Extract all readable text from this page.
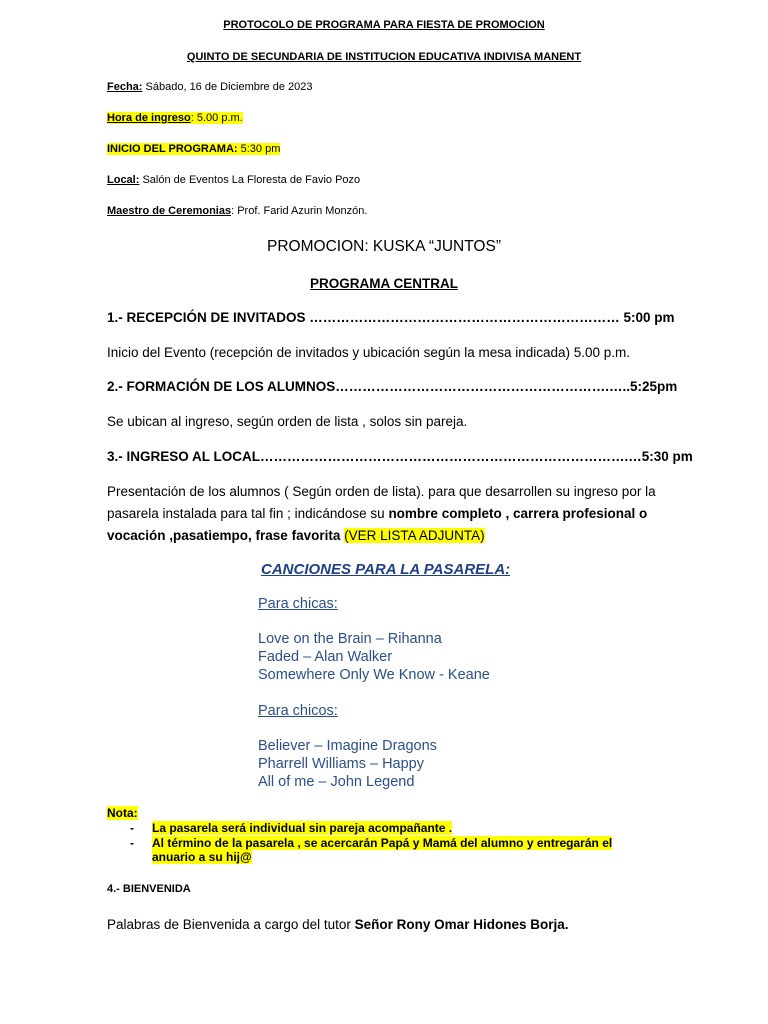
PROTOCOLO DE PROGRAMA PARA FIESTA DE PROMOCION
QUINTO DE SECUNDARIA DE INSTITUCION EDUCATIVA INDIVISA MANENT
Fecha: Sábado, 16 de Diciembre de 2023
Hora de ingreso: 5.00 p.m.
INICIO DEL PROGRAMA: 5:30 pm
Local: Salón de Eventos La Floresta de Favio Pozo
Maestro de Ceremonias: Prof. Farid Azurin Monzón.
PROMOCION: KUSKA “JUNTOS”
PROGRAMA CENTRAL
1.- RECEPCIÓN DE INVITADOS …………………………………………………………… 5:00 pm
Inicio del Evento (recepción de invitados y ubicación según la mesa indicada) 5.00 p.m.
2.- FORMACIÓN DE LOS ALUMNOS…………………………………………………….…..5:25pm
Se ubican al ingreso, según orden de lista , solos sin pareja.
3.- INGRESO AL LOCAL……………………………………………………………………….…5:30 pm
Presentación de los alumnos ( Según orden de lista). para que desarrollen su ingreso por la
pasarela instalada para tal fin ; indicándose su nombre completo , carrera profesional o
vocación ,pasatiempo, frase favorita (VER LISTA ADJUNTA)
CANCIONES PARA LA PASARELA:
Para chicas:
Love on the Brain – Rihanna
Faded – Alan Walker
Somewhere Only We Know - Keane
Para chicos:
Believer – Imagine Dragons
Pharrell Williams – Happy
All of me – John Legend
Nota:
- La pasarela será individual sin pareja acompañante .
- Al término de la pasarela , se acercarán Papá y Mamá del alumno y entregarán el
anuario a su hij@
4.- BIENVENIDA
Palabras de Bienvenida a cargo del tutor Señor Rony Omar Hidones Borja.
